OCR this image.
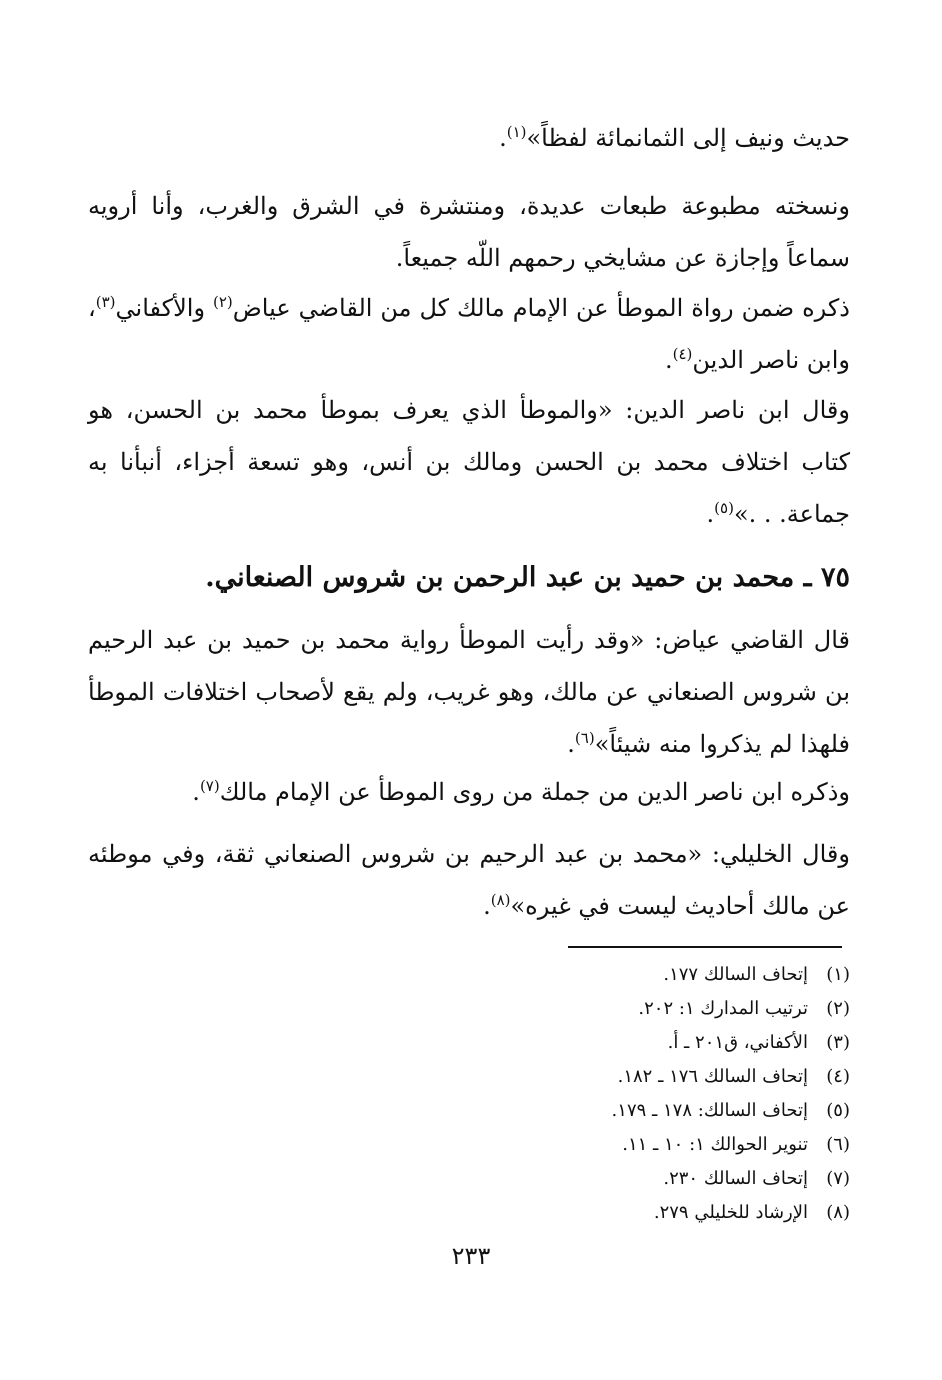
حديث ونيف إلى الثمانمائة لفظاً»$^{(١)}$.
ونسخته مطبوعة طبعات عديدة، ومنتشرة في الشرق والغرب، وأنا أرويه سماعاً وإجازة عن مشايخي رحمهم اللّه جميعاً.
ذكره ضمن رواة الموطأ عن الإمام مالك كل من القاضي عياض$^{(٢)}$ والأكفاني$^{(٣)}$، وابن ناصر الدين$^{(٤)}$.
وقال ابن ناصر الدين: «والموطأ الذي يعرف بموطأ محمد بن الحسن، هو كتاب اختلاف محمد بن الحسن ومالك بن أنس، وهو تسعة أجزاء، أنبأنا به جماعة. . .»$^{(٥)}$.
٧٥ ـ محمد بن حميد بن عبد الرحمن بن شروس الصنعاني.
قال القاضي عياض: «وقد رأيت الموطأ رواية محمد بن حميد بن عبد الرحيم بن شروس الصنعاني عن مالك، وهو غريب، ولم يقع لأصحاب اختلافات الموطأ فلهذا لم يذكروا منه شيئاً»$^{(٦)}$.
وذكره ابن ناصر الدين من جملة من روى الموطأ عن الإمام مالك$^{(٧)}$.
وقال الخليلي: «محمد بن عبد الرحيم بن شروس الصنعاني ثقة، وفي موطئه عن مالك أحاديث ليست في غيره»$^{(٨)}$.
(١)
إتحاف السالك ١٧٧.
(٢)
ترتيب المدارك ١: ٢٠٢.
(٣)
الأكفاني، ق٢٠١ ـ أ.
(٤)
إتحاف السالك ١٧٦ ـ ١٨٢.
(٥)
إتحاف السالك: ١٧٨ ـ ١٧٩.
(٦)
تنوير الحوالك ١: ١٠ ـ ١١.
(٧)
إتحاف السالك ٢٣٠.
(٨)
الإرشاد للخليلي ٢٧٩.
٢٣٣
